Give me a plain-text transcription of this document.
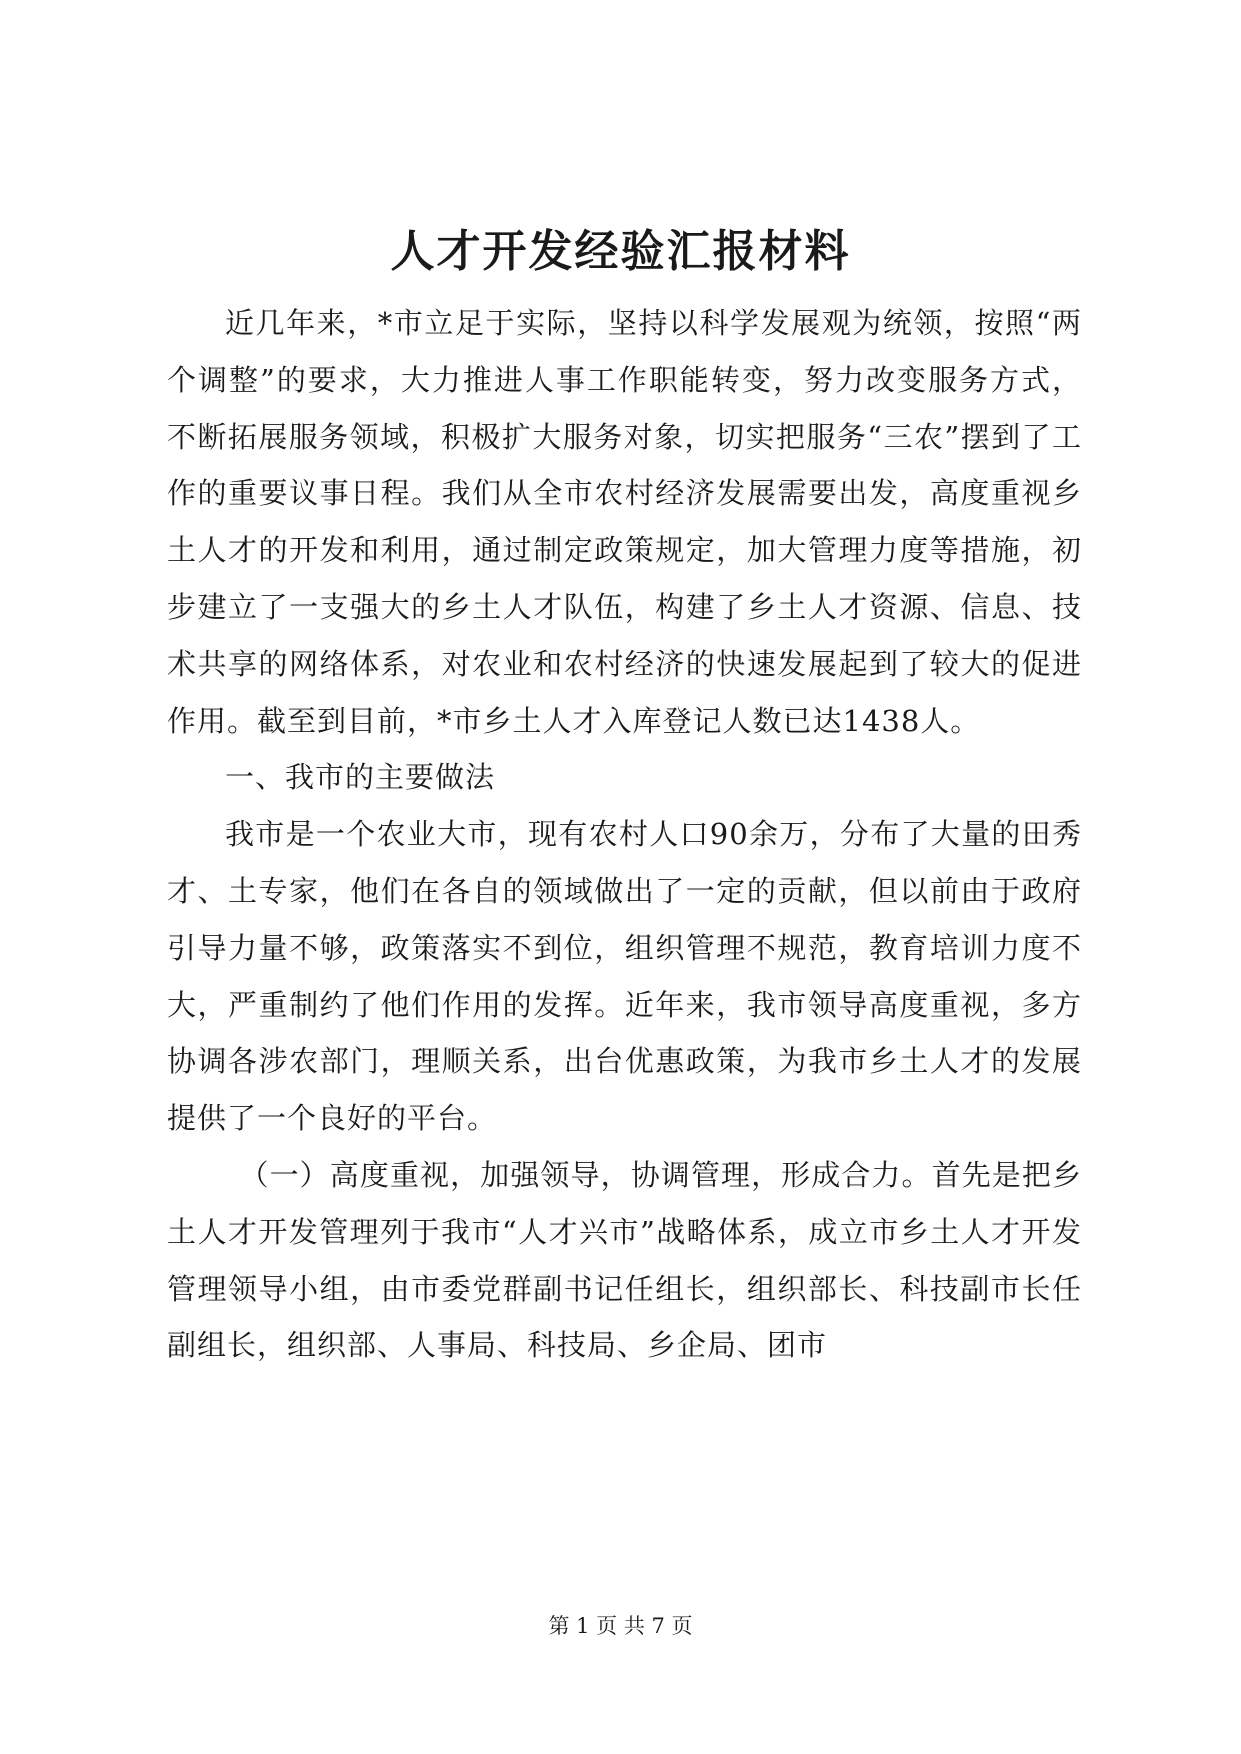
人才开发经验汇报材料

近几年来，*市立足于实际，坚持以科学发展观为统领，按照“两个调整”的要求，大力推进人事工作职能转变，努力改变服务方式，不断拓展服务领域，积极扩大服务对象，切实把服务“三农”摆到了工作的重要议事日程。我们从全市农村经济发展需要出发，高度重视乡土人才的开发和利用，通过制定政策规定，加大管理力度等措施，初步建立了一支强大的乡土人才队伍，构建了乡土人才资源、信息、技术共享的网络体系，对农业和农村经济的快速发展起到了较大的促进作用。截至到目前，*市乡土人才入库登记人数已达1438人。

一、我市的主要做法

我市是一个农业大市，现有农村人口90余万，分布了大量的田秀才、土专家，他们在各自的领域做出了一定的贡献，但以前由于政府引导力量不够，政策落实不到位，组织管理不规范，教育培训力度不大，严重制约了他们作用的发挥。近年来，我市领导高度重视，多方协调各涉农部门，理顺关系，出台优惠政策，为我市乡土人才的发展提供了一个良好的平台。

（一）高度重视，加强领导，协调管理，形成合力。首先是把乡土人才开发管理列于我市“人才兴市”战略体系，成立市乡土人才开发管理领导小组，由市委党群副书记任组长，组织部长、科技副市长任副组长，组织部、人事局、科技局、乡企局、团市

第 1 页 共 7 页
